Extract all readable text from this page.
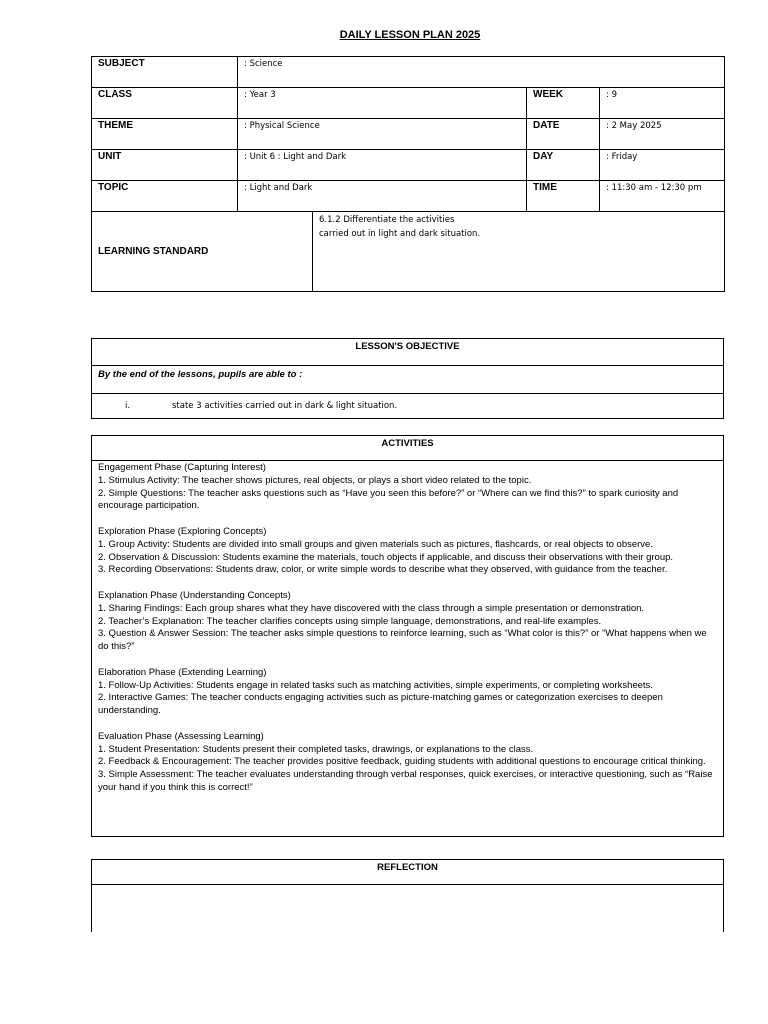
DAILY LESSON PLAN 2025
SUBJECT	: Science		
CLASS	: Year 3	WEEK	: 9
THEME	: Physical Science	DATE	: 2 May 2025
UNIT	: Unit 6 : Light and Dark	DAY	: Friday
TOPIC	: Light and Dark	TIME	: 11:30 am - 12:30 pm
LEARNING STANDARD	
6.1.2 Differentiate the activities
carried out in light and dark situation.
LESSON'S OBJECTIVE
By the end of the lessons, pupils are able to :
i.	state 3 activities carried out in dark & light situation.
ACTIVITIES

Engagement Phase (Capturing Interest)
1. Stimulus Activity: The teacher shows pictures, real objects, or plays a short video related to the topic.
2. Simple Questions: The teacher asks questions such as “Have you seen this before?” or “Where can we find this?” to spark curiosity and encourage participation.
Exploration Phase (Exploring Concepts)
1. Group Activity: Students are divided into small groups and given materials such as pictures, flashcards, or real objects to observe.
2. Observation & Discussion: Students examine the materials, touch objects if applicable, and discuss their observations with their group.
3. Recording Observations: Students draw, color, or write simple words to describe what they observed, with guidance from the teacher.
Explanation Phase (Understanding Concepts)
1. Sharing Findings: Each group shares what they have discovered with the class through a simple presentation or demonstration.
2. Teacher’s Explanation: The teacher clarifies concepts using simple language, demonstrations, and real-life examples.
3. Question & Answer Session: The teacher asks simple questions to reinforce learning, such as “What color is this?” or “What happens when we do this?”
Elaboration Phase (Extending Learning)
1. Follow-Up Activities: Students engage in related tasks such as matching activities, simple experiments, or completing worksheets.
2. Interactive Games: The teacher conducts engaging activities such as picture-matching games or categorization exercises to deepen understanding.
Evaluation Phase (Assessing Learning)
1. Student Presentation: Students present their completed tasks, drawings, or explanations to the class.
2. Feedback & Encouragement: The teacher provides positive feedback, guiding students with additional questions to encourage critical thinking.
3. Simple Assessment: The teacher evaluates understanding through verbal responses, quick exercises, or interactive questioning, such as “Raise your hand if you think this is correct!”
REFLECTION
